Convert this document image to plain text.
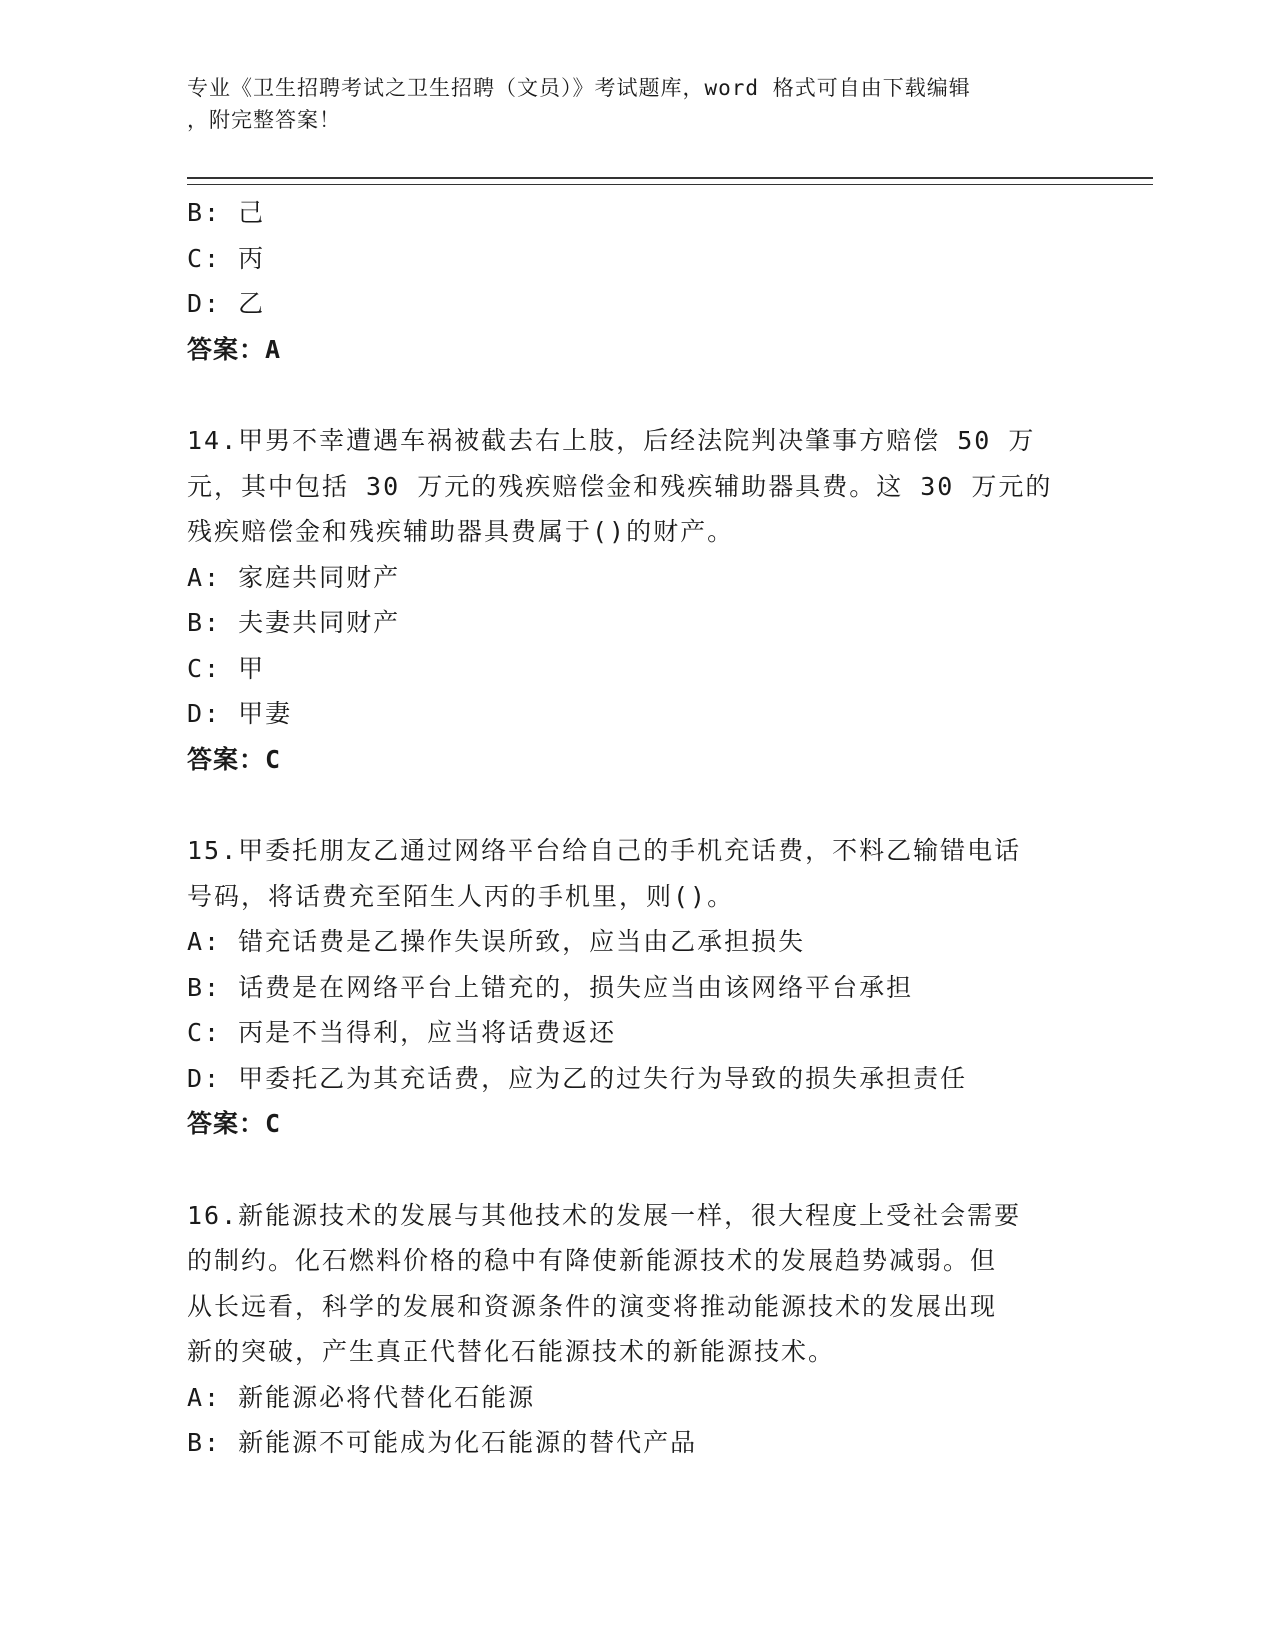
专业《卫生招聘考试之卫生招聘（文员）》考试题库，word 格式可自由下载编辑
，附完整答案！
B: 己
C: 丙
D: 乙
答案：A
14.甲男不幸遭遇车祸被截去右上肢，后经法院判决肇事方赔偿 50 万
元，其中包括 30 万元的残疾赔偿金和残疾辅助器具费。这 30 万元的
残疾赔偿金和残疾辅助器具费属于()的财产。
A: 家庭共同财产
B: 夫妻共同财产
C: 甲
D: 甲妻
答案：C
15.甲委托朋友乙通过网络平台给自己的手机充话费，不料乙输错电话
号码，将话费充至陌生人丙的手机里，则()。
A: 错充话费是乙操作失误所致，应当由乙承担损失
B: 话费是在网络平台上错充的，损失应当由该网络平台承担
C: 丙是不当得利，应当将话费返还
D: 甲委托乙为其充话费，应为乙的过失行为导致的损失承担责任
答案：C
16.新能源技术的发展与其他技术的发展一样，很大程度上受社会需要
的制约。化石燃料价格的稳中有降使新能源技术的发展趋势减弱。但
从长远看，科学的发展和资源条件的演变将推动能源技术的发展出现
新的突破，产生真正代替化石能源技术的新能源技术。
A: 新能源必将代替化石能源
B: 新能源不可能成为化石能源的替代产品
